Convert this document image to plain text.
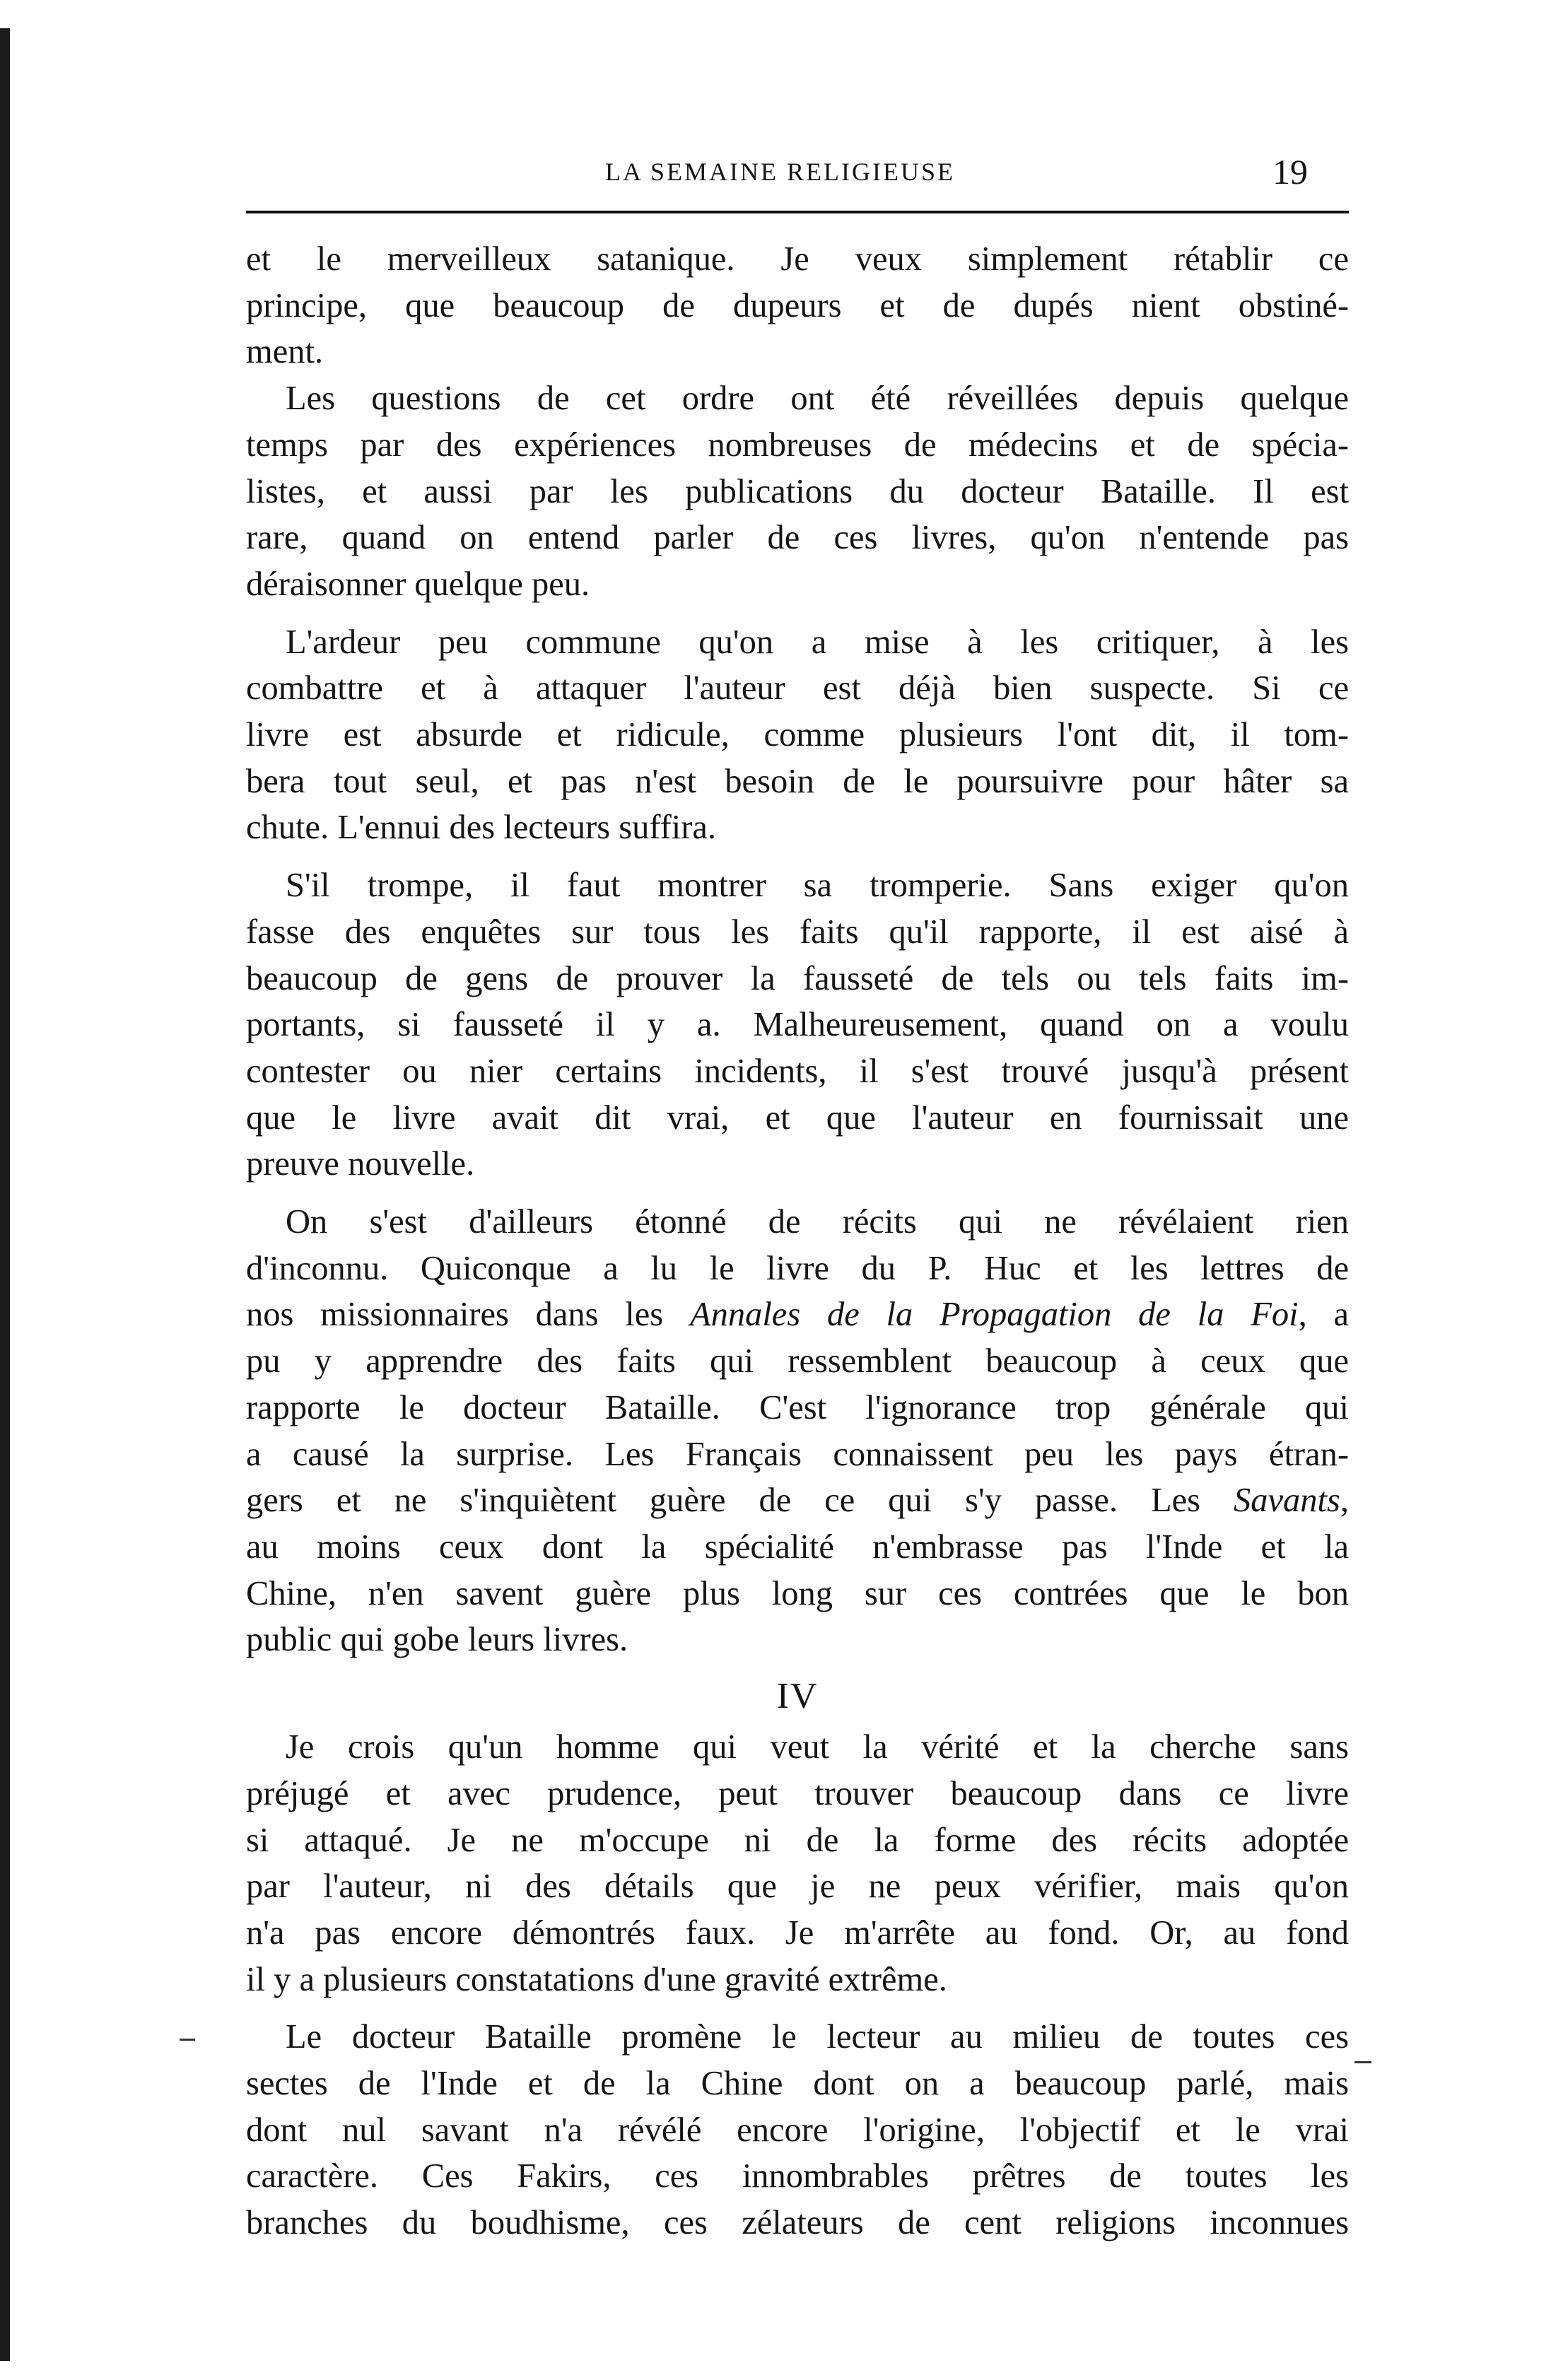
LA SEMAINE RELIGIEUSE	19

et le merveilleux satanique. Je veux simplement rétablir ce
principe, que beaucoup de dupeurs et de dupés nient obstiné-
ment.

Les questions de cet ordre ont été réveillées depuis quelque
temps par des expériences nombreuses de médecins et de spécia-
listes, et aussi par les publications du docteur Bataille. Il est
rare, quand on entend parler de ces livres, qu'on n'entende pas
déraisonner quelque peu.

L'ardeur peu commune qu'on a mise à les critiquer, à les
combattre et à attaquer l'auteur est déjà bien suspecte. Si ce
livre est absurde et ridicule, comme plusieurs l'ont dit, il tom-
bera tout seul, et pas n'est besoin de le poursuivre pour hâter sa
chute. L'ennui des lecteurs suffira.

S'il trompe, il faut montrer sa tromperie. Sans exiger qu'on
fasse des enquêtes sur tous les faits qu'il rapporte, il est aisé à
beaucoup de gens de prouver la fausseté de tels ou tels faits im-
portants, si fausseté il y a. Malheureusement, quand on a voulu
contester ou nier certains incidents, il s'est trouvé jusqu'à présent
que le livre avait dit vrai, et que l'auteur en fournissait une
preuve nouvelle.

On s'est d'ailleurs étonné de récits qui ne révélaient rien
d'inconnu. Quiconque a lu le livre du P. Huc et les lettres de
nos missionnaires dans les Annales de la Propagation de la Foi, a
pu y apprendre des faits qui ressemblent beaucoup à ceux que
rapporte le docteur Bataille. C'est l'ignorance trop générale qui
a causé la surprise. Les Français connaissent peu les pays étran-
gers et ne s'inquiètent guère de ce qui s'y passe. Les Savants,
au moins ceux dont la spécialité n'embrasse pas l'Inde et la
Chine, n'en savent guère plus long sur ces contrées que le bon
public qui gobe leurs livres.

IV

Je crois qu'un homme qui veut la vérité et la cherche sans
préjugé et avec prudence, peut trouver beaucoup dans ce livre
si attaqué. Je ne m'occupe ni de la forme des récits adoptée
par l'auteur, ni des détails que je ne peux vérifier, mais qu'on
n'a pas encore démontrés faux. Je m'arrête au fond. Or, au fond
il y a plusieurs constatations d'une gravité extrême.

Le docteur Bataille promène le lecteur au milieu de toutes ces
sectes de l'Inde et de la Chine dont on a beaucoup parlé, mais
dont nul savant n'a révélé encore l'origine, l'objectif et le vrai
caractère. Ces Fakirs, ces innombrables prêtres de toutes les
branches du boudhisme, ces zélateurs de cent religions inconnues
